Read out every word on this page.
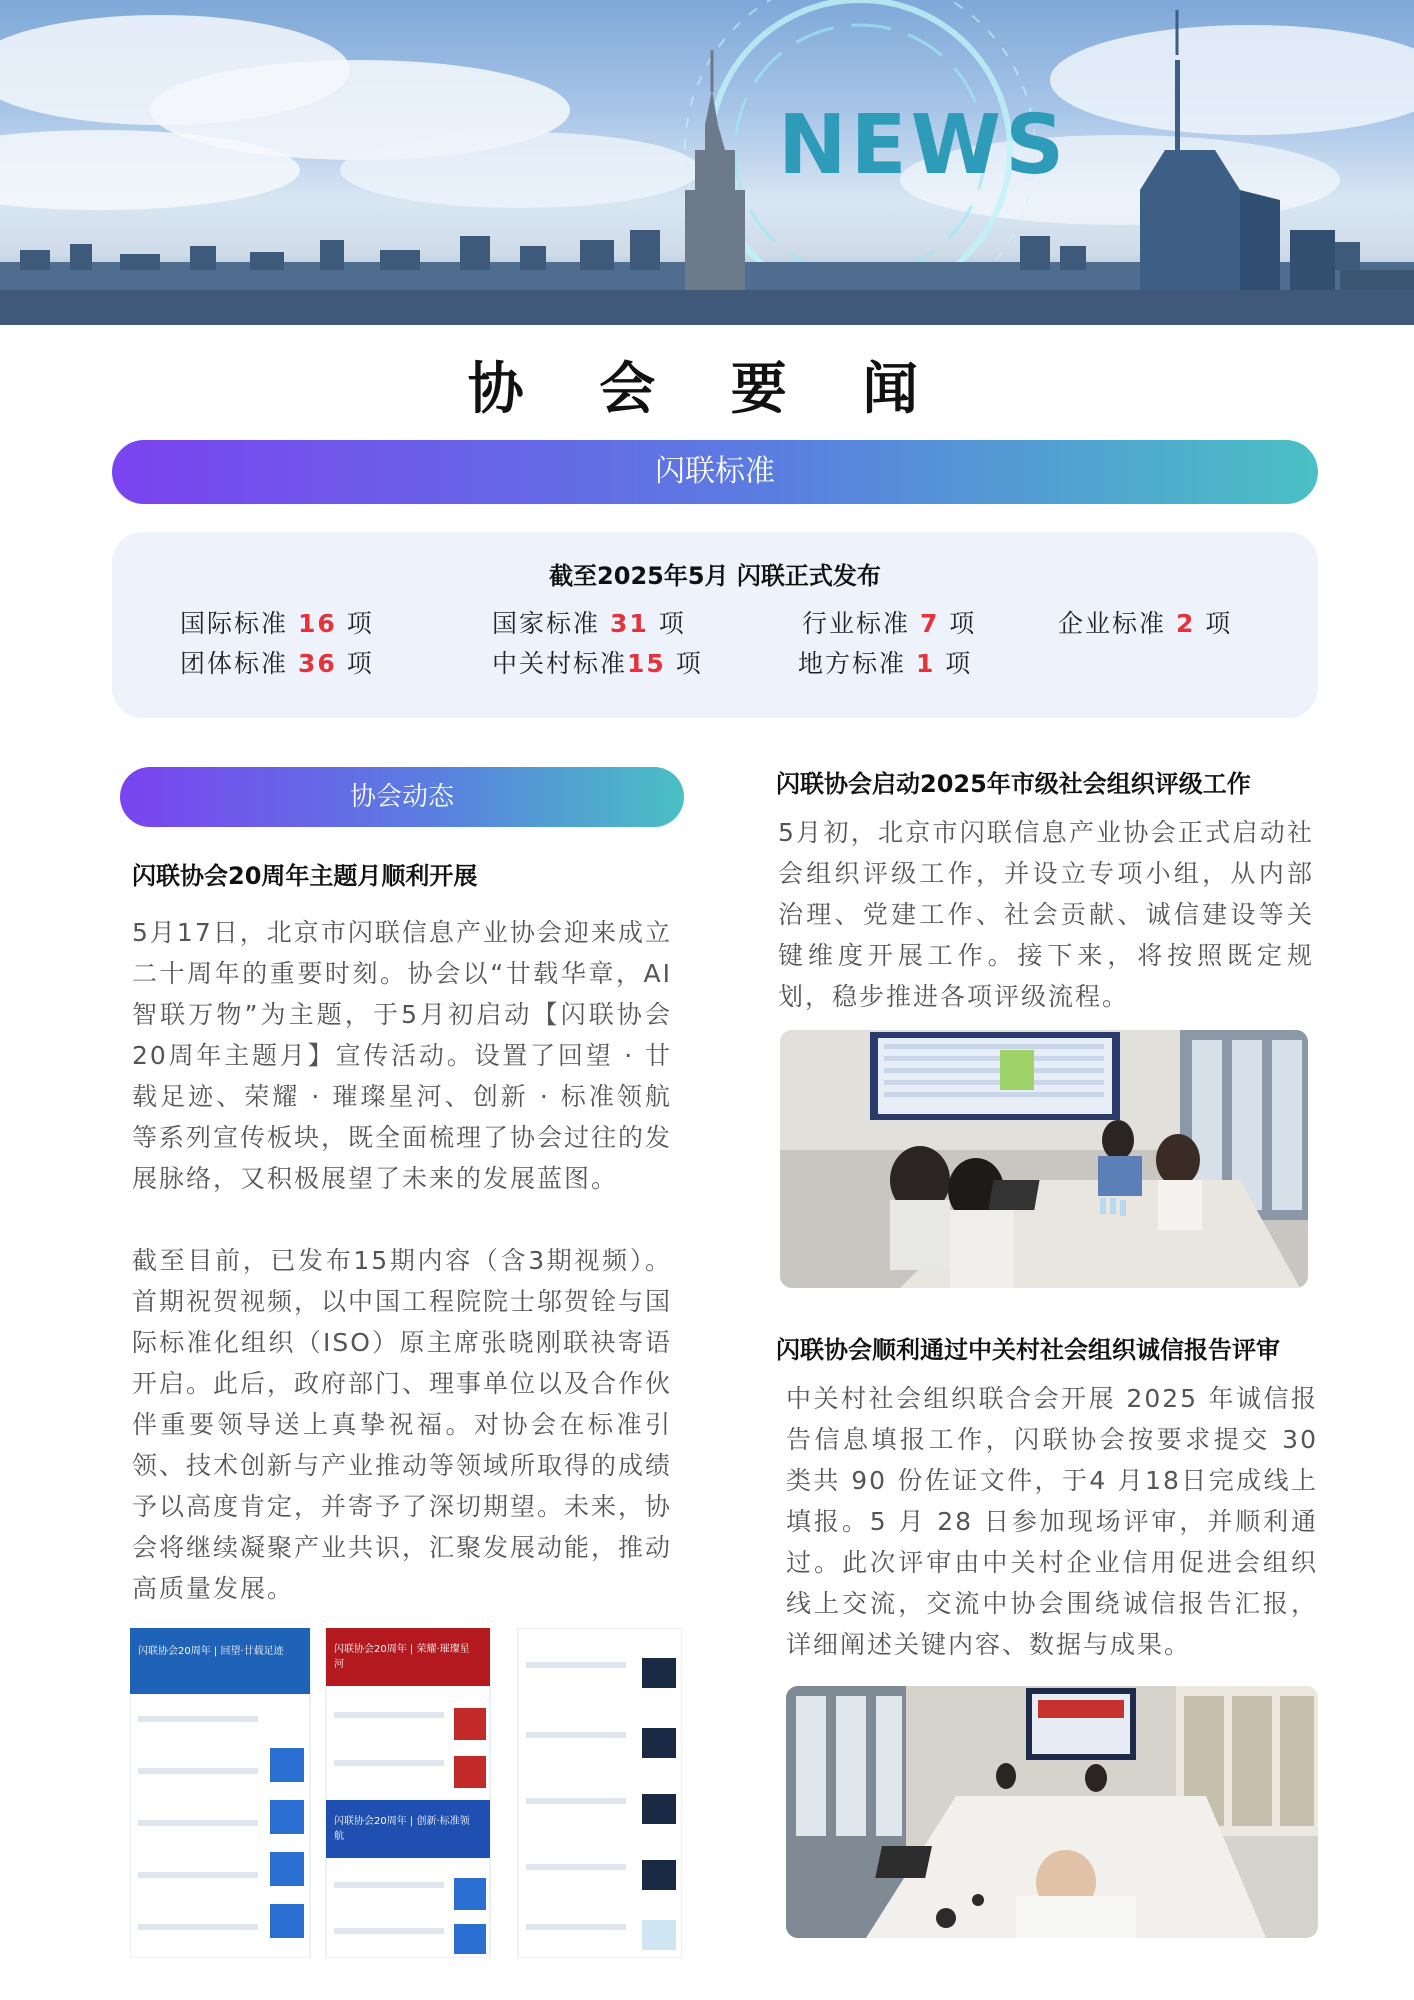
NEWS
协 会 要 闻
闪联标准
截至2025年5月 闪联正式发布
国际标准 16 项	国家标准 31 项	行业标准 7 项	企业标准 2 项
团体标准 36 项	中关村标准15 项	地方标准 1 项
协会动态
闪联协会20周年主题月顺利开展
5月17日，北京市闪联信息产业协会迎来成立二十周年的重要时刻。协会以“廿载华章，AI智联万物”为主题，于5月初启动【闪联协会20周年主题月】宣传活动。设置了回望 · 廿载足迹、荣耀 · 璀璨星河、创新 · 标准领航等系列宣传板块，既全面梳理了协会过往的发展脉络，又积极展望了未来的发展蓝图。
截至目前，已发布15期内容（含3期视频）。首期祝贺视频，以中国工程院院士邬贺铨与国际标准化组织（ISO）原主席张晓刚联袂寄语开启。此后，政府部门、理事单位以及合作伙伴重要领导送上真挚祝福。对协会在标准引领、技术创新与产业推动等领域所取得的成绩予以高度肯定，并寄予了深切期望。未来，协会将继续凝聚产业共识，汇聚发展动能，推动高质量发展。
闪联协会20周年 | 回望·廿载足迹	闪联协会20周年 | 荣耀·璀璨星河
闪联协会20周年 | 创新·标准领航
闪联协会启动2025年市级社会组织评级工作
5月初，北京市闪联信息产业协会正式启动社会组织评级工作，并设立专项小组，从内部治理、党建工作、社会贡献、诚信建设等关键维度开展工作。接下来，将按照既定规划，稳步推进各项评级流程。
闪联协会顺利通过中关村社会组织诚信报告评审
中关村社会组织联合会开展 2025 年诚信报告信息填报工作，闪联协会按要求提交 30 类共 90 份佐证文件，于4 月18日完成线上填报。5 月 28 日参加现场评审，并顺利通过。此次评审由中关村企业信用促进会组织线上交流，交流中协会围绕诚信报告汇报，详细阐述关键内容、数据与成果。
